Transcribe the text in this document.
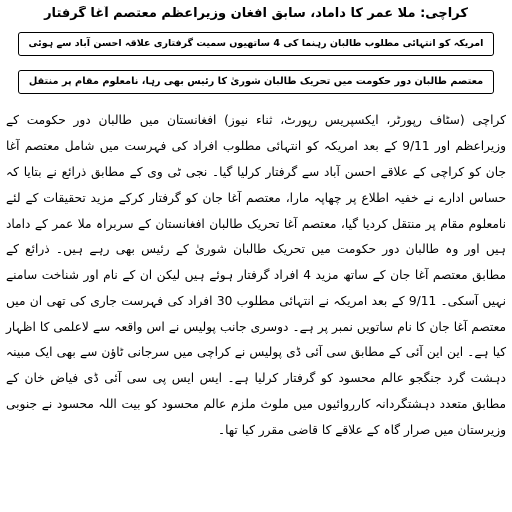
کراچی: ملا عمر کا داماد، سابق افغان وزیراعظم معتصم آغا گرفتار
امریکہ کو انتہائی مطلوب طالبان رہنما کی 4 ساتھیوں سمیت گرفتاری علاقہ احسن آباد سے ہوئی
معتصم طالبان دور حکومت میں تحریک طالبان شوریٰ کا رئیس بھی رہا، نامعلوم مقام پر منتقل
کراچی (سٹاف رپورٹر، ایکسپریس رپورٹ، ثناء نیوز) افغانستان میں طالبان دور حکومت کے وزیراعظم اور 9/11 کے بعد امریکہ کو انتہائی مطلوب افراد کی فہرست میں شامل معتصم آغا جان کو کراچی کے علاقے احسن آباد سے گرفتار کرلیا گیا۔ نجی ٹی وی کے مطابق ذرائع نے بتایا کہ حساس ادارے نے خفیہ اطلاع پر چھاپہ مارا، معتصم آغا جان کو گرفتار کرکے مزید تحقیقات کے لئے نامعلوم مقام پر منتقل کردیا گیا، معتصم آغا تحریک طالبان افغانستان کے سربراہ ملا عمر کے داماد ہیں اور وہ طالبان دور حکومت میں تحریک طالبان شوریٰ کے رئیس بھی رہے ہیں۔ ذرائع کے مطابق معتصم آغا جان کے ساتھ مزید 4 افراد گرفتار ہوئے ہیں لیکن ان کے نام اور شناخت سامنے نہیں آسکی۔ 9/11 کے بعد امریکہ نے انتہائی مطلوب 30 افراد کی فہرست جاری کی تھی ان میں معتصم آغا جان کا نام ساتویں نمبر پر ہے۔ دوسری جانب پولیس نے اس واقعہ سے لاعلمی کا اظہار کیا ہے۔ این این آئی کے مطابق سی آئی ڈی پولیس نے کراچی میں سرجانی ٹاؤن سے بھی ایک مبینہ دہشت گرد جنگجو عالم محسود کو گرفتار کرلیا ہے۔ ایس ایس پی سی آئی ڈی فیاض خان کے مطابق متعدد دہشتگردانہ کارروائیوں میں ملوث ملزم عالم محسود کو بیت اللہ محسود نے جنوبی وزیرستان میں صرار گاہ کے علاقے کا قاضی مقرر کیا تھا۔
